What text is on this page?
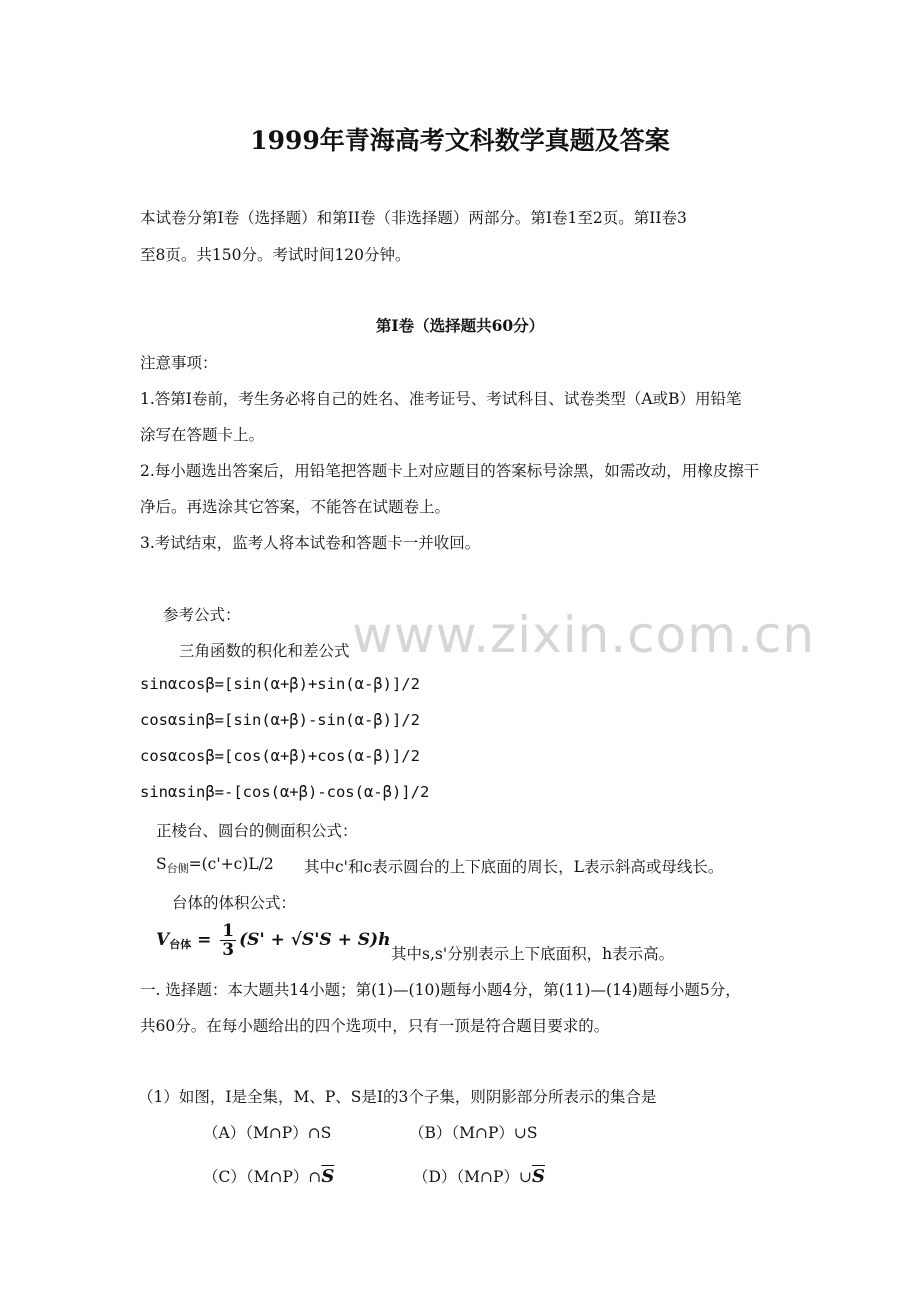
1999年青海高考文科数学真题及答案
本试卷分第Ⅰ卷（选择题）和第II卷（非选择题）两部分。第Ⅰ卷1至2页。第II卷3
至8页。共150分。考试时间120分钟。
第Ⅰ卷（选择题共60分）
注意事项：
1.答第Ⅰ卷前，考生务必将自己的姓名、准考证号、考试科目、试卷类型（A或B）用铅笔
涂写在答题卡上。
2.每小题选出答案后，用铅笔把答题卡上对应题目的答案标号涂黑，如需改动，用橡皮擦干
净后。再选涂其它答案，不能答在试题卷上。
3.考试结束，监考人将本试卷和答题卡一并收回。
参考公式： www.zixin.com.cn
三角函数的积化和差公式
sinαcosβ=[sin(α+β)+sin(α-β)]/2
cosαsinβ=[sin(α+β)-sin(α-β)]/2
cosαcosβ=[cos(α+β)+cos(α-β)]/2
sinαsinβ=-[cos(α+β)-cos(α-β)]/2
正棱台、圆台的侧面积公式：
$S_{台侧}=(c'+c)L/2$ 其中c'和c表示圆台的上下底面的周长，L表示斜高或母线长。
台体的体积公式：
$V_{台体} = \frac{1}{3} (S' + √S'S + S)h$
其中s,s'分别表示上下底面积，h表示高。
一. 选择题：本大题共14小题；第(1)—(10)题每小题4分，第(11)—(14)题每小题5分，
共60分。在每小题给出的四个选项中，只有一顶是符合题目要求的。
（1）如图，I是全集，M、P、S是I的3个子集，则阴影部分所表示的集合是
（A）（M∩P）∩S	（B）（M∩P）∪S
$(C)(M\cap P)\cap\overline{S}$	$(D)(M\cap P)\cup\overline{S}$
